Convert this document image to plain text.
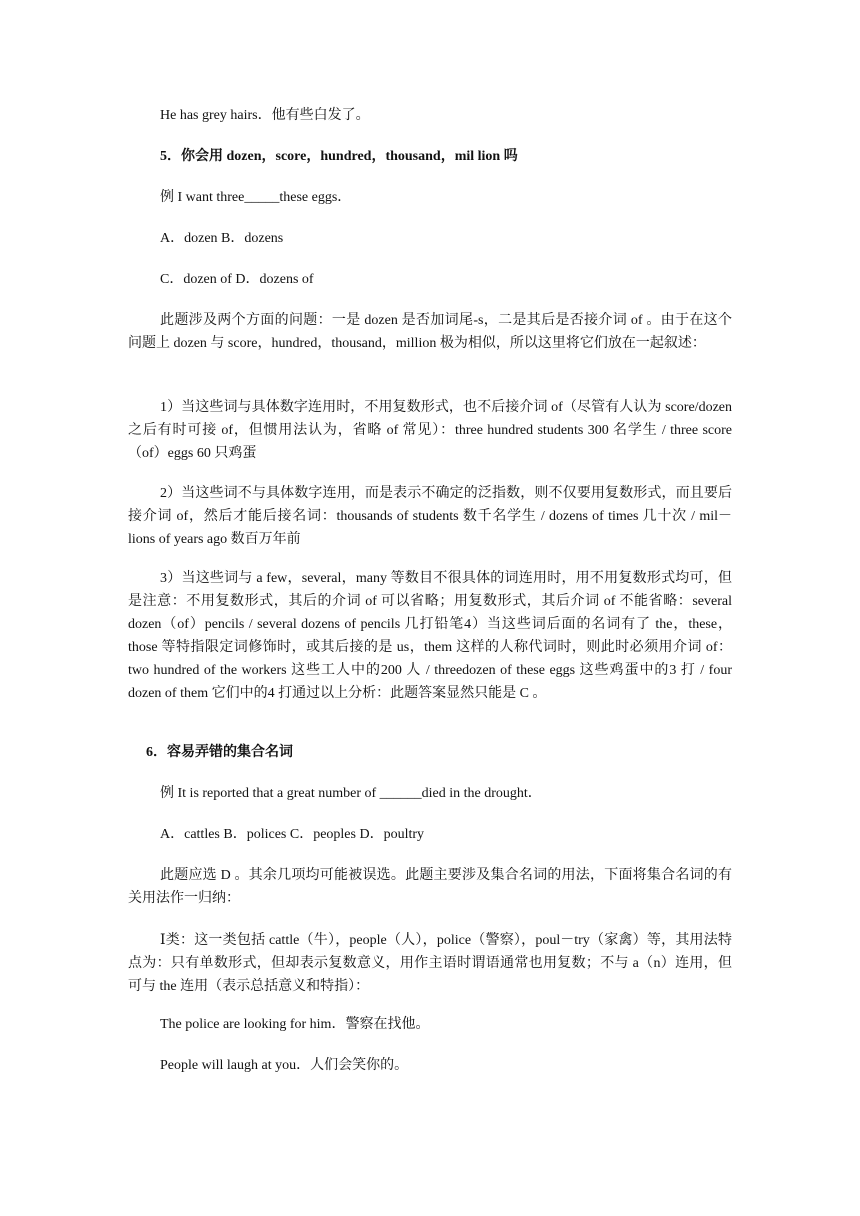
He has grey hairs．他有些白发了。
5．你会用 dozen，score，hundred，thousand，mil lion 吗
例 I want three_____these eggs．
A．dozen B．dozens
C．dozen of D．dozens of
此题涉及两个方面的问题：一是 dozen 是否加词尾-s，二是其后是否接介词 of 。由于在这个问题上 dozen 与 score，hundred，thousand，million 极为相似，所以这里将它们放在一起叙述：
1）当这些词与具体数字连用时，不用复数形式，也不后接介词 of（尽管有人认为 score/dozen 之后有时可接 of，但惯用法认为，省略 of 常见）：three hundred students 300 名学生 / three score（of）eggs 60 只鸡蛋
2）当这些词不与具体数字连用，而是表示不确定的泛指数，则不仅要用复数形式，而且要后接介词 of，然后才能后接名词：thousands of students 数千名学生 / dozens of times 几十次 / mil－lions of years ago 数百万年前
3）当这些词与 a few，several，many 等数目不很具体的词连用时，用不用复数形式均可，但是注意：不用复数形式，其后的介词 of 可以省略；用复数形式，其后介词 of 不能省略：several dozen（of）pencils / several dozens of pencils 几打铅笔4）当这些词后面的名词有了 the，these，those 等特指限定词修饰时，或其后接的是 us，them 这样的人称代词时，则此时必须用介词 of：two hundred of the workers 这些工人中的200 人 / threedozen of these eggs 这些鸡蛋中的3 打 / four dozen of them 它们中的4 打通过以上分析：此题答案显然只能是 C 。
6．容易弄错的集合名词
例 It is reported that a great number of ______died in the drought．
A．cattles B．polices C．peoples D．poultry
此题应选 D 。其余几项均可能被误选。此题主要涉及集合名词的用法，下面将集合名词的有关用法作一归纳：
Ⅰ类：这一类包括 cattle（牛），people（人），police（警察），poul－try（家禽）等，其用法特点为：只有单数形式，但却表示复数意义，用作主语时谓语通常也用复数；不与 a（n）连用，但可与 the 连用（表示总括意义和特指）：
The police are looking for him．警察在找他。
People will laugh at you．人们会笑你的。
